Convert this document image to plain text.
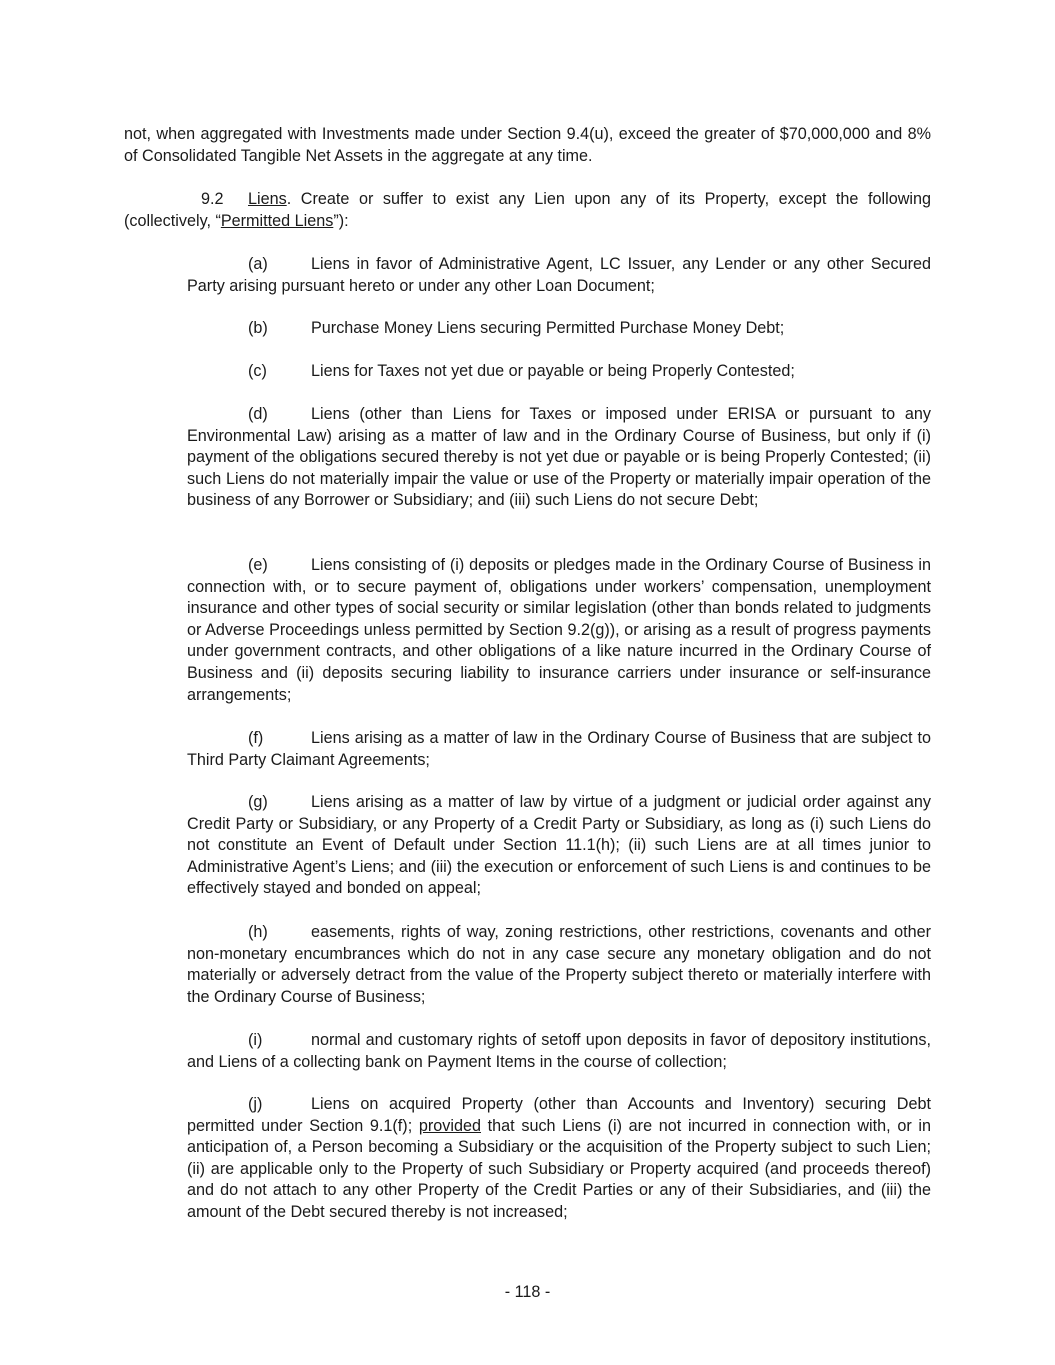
not, when aggregated with Investments made under Section 9.4(u), exceed the greater of $70,000,000 and 8% of Consolidated Tangible Net Assets in the aggregate at any time.

9.2 Liens. Create or suffer to exist any Lien upon any of its Property, except the following (collectively, “Permitted Liens”):

(a)	Liens in favor of Administrative Agent, LC Issuer, any Lender or any other Secured Party arising pursuant hereto or under any other Loan Document;

(b)	Purchase Money Liens securing Permitted Purchase Money Debt;

(c)	Liens for Taxes not yet due or payable or being Properly Contested;

(d)	Liens (other than Liens for Taxes or imposed under ERISA or pursuant to any Environmental Law) arising as a matter of law and in the Ordinary Course of Business, but only if (i) payment of the obligations secured thereby is not yet due or payable or is being Properly Contested; (ii) such Liens do not materially impair the value or use of the Property or materially impair operation of the business of any Borrower or Subsidiary; and (iii) such Liens do not secure Debt;

(e)	Liens consisting of (i) deposits or pledges made in the Ordinary Course of Business in connection with, or to secure payment of, obligations under workers’ compensation, unemployment insurance and other types of social security or similar legislation (other than bonds related to judgments or Adverse Proceedings unless permitted by Section 9.2(g)), or arising as a result of progress payments under government contracts, and other obligations of a like nature incurred in the Ordinary Course of Business and (ii) deposits securing liability to insurance carriers under insurance or self-insurance arrangements;

(f)	Liens arising as a matter of law in the Ordinary Course of Business that are subject to Third Party Claimant Agreements;

(g)	Liens arising as a matter of law by virtue of a judgment or judicial order against any Credit Party or Subsidiary, or any Property of a Credit Party or Subsidiary, as long as (i) such Liens do not constitute an Event of Default under Section 11.1(h); (ii) such Liens are at all times junior to Administrative Agent’s Liens; and (iii) the execution or enforcement of such Liens is and continues to be effectively stayed and bonded on appeal;

(h)	easements, rights of way, zoning restrictions, other restrictions, covenants and other non-monetary encumbrances which do not in any case secure any monetary obligation and do not materially or adversely detract from the value of the Property subject thereto or materially interfere with the Ordinary Course of Business;

(i)	normal and customary rights of setoff upon deposits in favor of depository institutions, and Liens of a collecting bank on Payment Items in the course of collection;

(j)	Liens on acquired Property (other than Accounts and Inventory) securing Debt permitted under Section 9.1(f); provided that such Liens (i) are not incurred in connection with, or in anticipation of, a Person becoming a Subsidiary or the acquisition of the Property subject to such Lien; (ii) are applicable only to the Property of such Subsidiary or Property acquired (and proceeds thereof) and do not attach to any other Property of the Credit Parties or any of their Subsidiaries, and (iii) the amount of the Debt secured thereby is not increased;

- 118 -
